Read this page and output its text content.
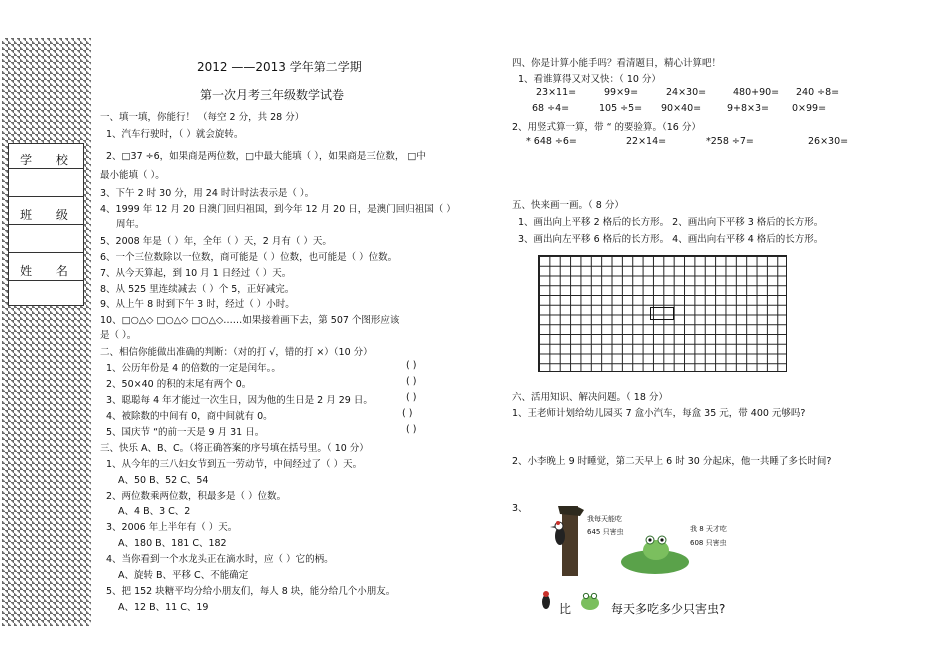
学 校
班 级
姓 名
2012 ——2013 学年第二学期
第一次月考三年级数学试卷
一、填一填，你能行！ （每空 2 分，共 28 分）
1、汽车行驶时，（ ）就会旋转。
2、□37 ÷6，如果商是两位数，□中最大能填（ ），如果商是三位数， □中
最小能填（ ）。
3、下午 2 时 30 分，用 24 时计时法表示是（ ）。
4、1999 年 12 月 20 日澳门回归祖国，到今年 12 月 20 日，是澳门回归祖国（ ）
周年。
5、2008 年是（ ）年，全年（ ）天，2 月有（ ）天。
6、一个三位数除以一位数，商可能是（ ）位数，也可能是（ ）位数。
7、从今天算起，到 10 月 1 日经过（ ）天。
8、从 525 里连续减去（ ）个 5，正好减完。
9、从上午 8 时到下午 3 时，经过（ ）小时。
10、□○△◇ □○△◇ □○△◇……如果接着画下去，第 507 个图形应该
是（ ）。
二、相信你能做出准确的判断：（对的打 √，错的打 ×）（10 分）
1、公历年份是 4 的倍数的一定是闰年。。	( )
2、50×40 的积的末尾有两个 0。	( )
3、聪聪每 4 年才能过一次生日，因为他的生日是 2 月 29 日。	( )
4、被除数的中间有 0，商中间就有 0。	( )
5、国庆节 “的前一天是 9 月 31 日。	( )
三、快乐 A、B、C。（将正确答案的序号填在括号里。（ 10 分）
1、从今年的三八妇女节到五一劳动节，中间经过了（ ）天。
A、50 B、52 C、54
2、两位数乘两位数，积最多是（ ）位数。
A、4 B、3 C、2
3、2006 年上半年有（ ）天。
A、180 B、181 C、182
4、当你看到一个水龙头正在滴水时，应（ ）它的柄。
A、旋转 B、平移 C、不能确定
5、把 152 块糖平均分给小朋友们，每人 8 块，能分给几个小朋友。
A、12 B、11 C、19
四、你是计算小能手吗？看清题目，精心计算吧！
1、看谁算得又对又快：（ 10 分）
23×11=	99×9=	24×30=	480+90= 240 ÷8=
68 ÷4=	105 ÷5= 90×40=	9+8×3= 0×99=
2、用竖式算一算，带 “ 的要验算。（16 分）
* 648 ÷6=	22×14=	*258 ÷7=	26×30=
五、快来画一画。（ 8 分）
1、画出向上平移 2 格后的长方形。 2、画出向下平移 3 格后的长方形。
3、画出向左平移 6 格后的长方形。 4、画出向右平移 4 格后的长方形。
六、活用知识、解决问题。（ 18 分）
1、王老师计划给幼儿园买 7 盒小汽车，每盒 35 元，带 400 元够吗?
2、小李晚上 9 时睡觉，第二天早上 6 时 30 分起床，他一共睡了多长时间?
3、
我每天能吃
645 只害虫	我 8 天才吃
608 只害虫
比	每天多吃多少只害虫?
